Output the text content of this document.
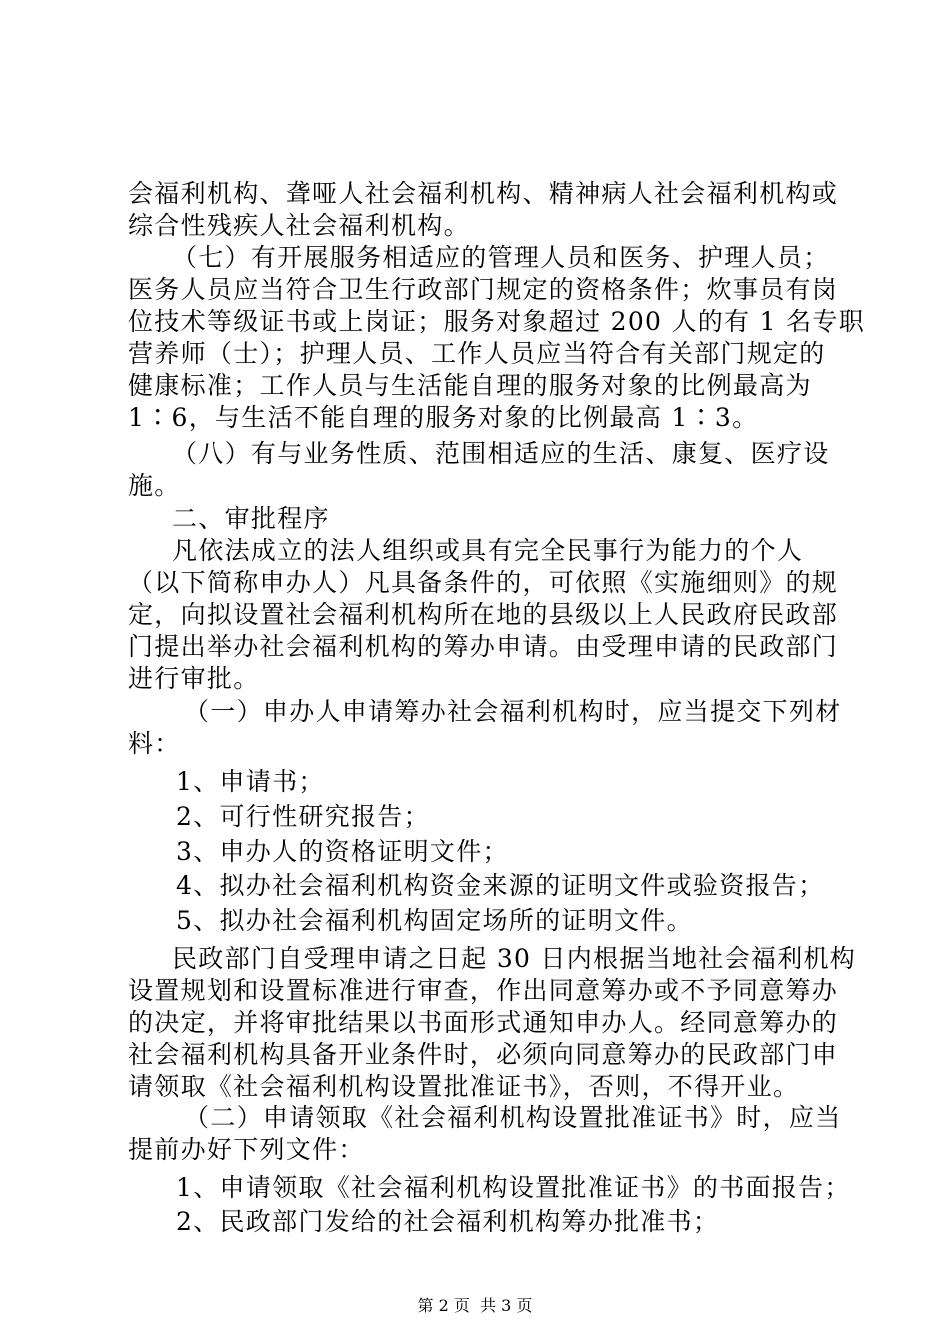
会福利机构、聋哑人社会福利机构、精神病人社会福利机构或
综合性残疾人社会福利机构。
（七）有开展服务相适应的管理人员和医务、护理人员；
医务人员应当符合卫生行政部门规定的资格条件；炊事员有岗
位技术等级证书或上岗证；服务对象超过 200 人的有 1 名专职
营养师（士）；护理人员、工作人员应当符合有关部门规定的
健康标准；工作人员与生活能自理的服务对象的比例最高为
1∶6，与生活不能自理的服务对象的比例最高 1∶3。
（八）有与业务性质、范围相适应的生活、康复、医疗设
施。
二、审批程序
凡依法成立的法人组织或具有完全民事行为能力的个人
（以下简称申办人）凡具备条件的，可依照《实施细则》的规
定，向拟设置社会福利机构所在地的县级以上人民政府民政部
门提出举办社会福利机构的筹办申请。由受理申请的民政部门
进行审批。
（一）申办人申请筹办社会福利机构时，应当提交下列材
料：
1、申请书；
2、可行性研究报告；
3、申办人的资格证明文件；
4、拟办社会福利机构资金来源的证明文件或验资报告；
5、拟办社会福利机构固定场所的证明文件。
民政部门自受理申请之日起 30 日内根据当地社会福利机构
设置规划和设置标准进行审查，作出同意筹办或不予同意筹办
的决定，并将审批结果以书面形式通知申办人。经同意筹办的
社会福利机构具备开业条件时，必须向同意筹办的民政部门申
请领取《社会福利机构设置批准证书》，否则，不得开业。
（二）申请领取《社会福利机构设置批准证书》时，应当
提前办好下列文件：
1、申请领取《社会福利机构设置批准证书》的书面报告；
2、民政部门发给的社会福利机构筹办批准书；
第 2 页  共 3 页
